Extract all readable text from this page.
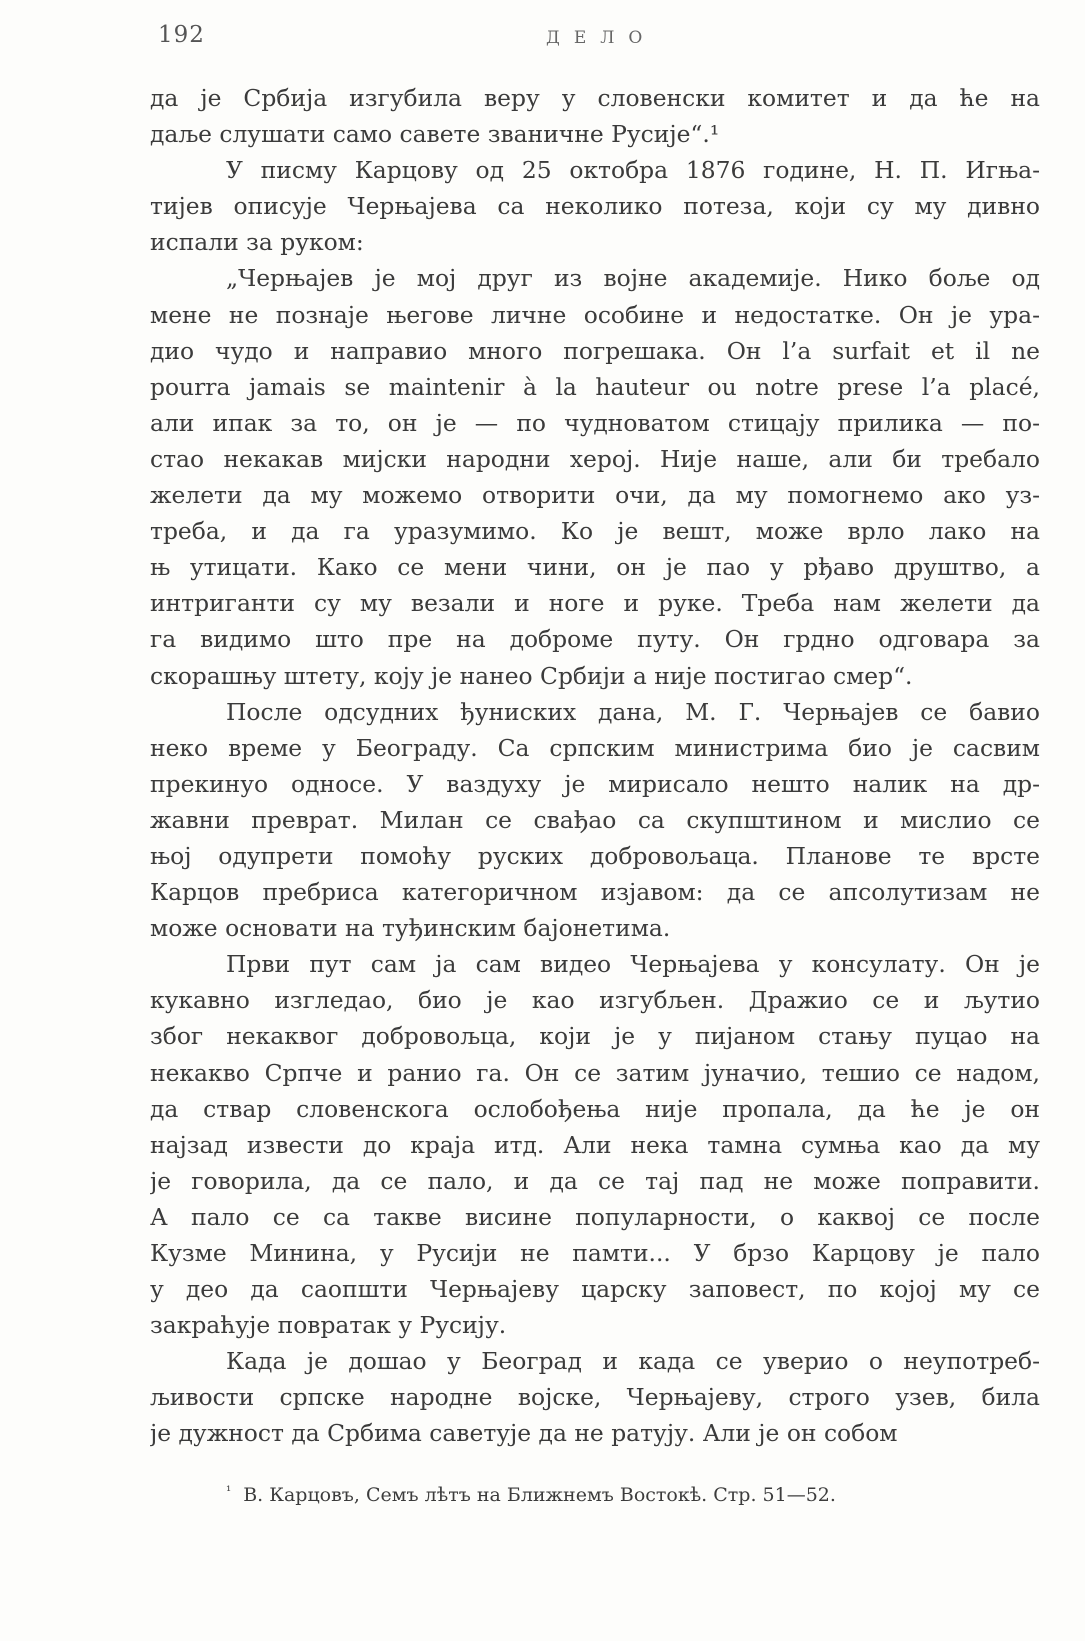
192	ДЕЛО
да је Србија изгубила веру у словенски комитет и да ће на
даље слушати само савете званичне Русије“.¹
У писму Карцову од 25 октобра 1876 године, Н. П. Игња-
тијев описује Черњајева са неколико потеза, који су му дивно
испали за руком:
„Черњајев је мој друг из војне академије. Нико боље од
мене не познаје његове личне особине и недостатке. Он је ура-
дио чудо и направио много погрешака. Он l’a surfait et il ne
pourra jamais se maintenir à la hauteur ou notre prese l’a placé,
али ипак за то, он је — по чудноватом стицају прилика — по-
стао некакав мијски народни херој. Није наше, али би требало
желети да му можемо отворити очи, да му помогнемо ако уз-
треба, и да га уразумимо. Ко је вешт, може врло лако на
њ утицати. Како се мени чини, он је пао у рђаво друштво, а
интриганти су му везали и ноге и руке. Треба нам желети да
га видимо што пре на доброме путу. Он грдно одговара за
скорашњу штету, коју је нанео Србији а није постигао смер“.
После одсудних ђуниских дана, М. Г. Черњајев се бавио
неко време у Београду. Са српским министрима био је сасвим
прекинуо односе. У ваздуху је мирисало нешто налик на др-
жавни преврат. Милан се свађао са скупштином и мислио се
њој одупрети помоћу руских добровољаца. Планове те врсте
Карцов пребриса категоричном изјавом: да се апсолутизам не
може основати на туђинским бајонетима.
Први пут сам ја сам видео Черњајева у консулату. Он је
кукавно изгледао, био је као изгубљен. Дражио се и љутио
због некаквог добровољца, који је у пијаном стању пуцао на
некакво Српче и ранио га. Он се затим јуначио, тешио се надом,
да ствар словенскога ослобођења није пропала, да ће је он
најзад извести до краја итд. Али нека тамна сумња као да му
је говорила, да се пало, и да се тај пад не може поправити.
А пало се са такве висине популарности, о каквој се после
Кузме Минина, у Русији не памти... У брзо Карцову је пало
у део да саопшти Черњајеву царску заповест, по којој му се
закраћује повратак у Русију.
Када је дошао у Београд и када се уверио о неупотреб-
љивости српске народне војске, Черњајеву, строго узев, била
је дужност да Србима саветује да не ратују. Али је он собом
$^{^1}$ В. Карцовъ, Семъ лѣтъ на Ближнемъ Востокѣ. Стр. 51—52.
